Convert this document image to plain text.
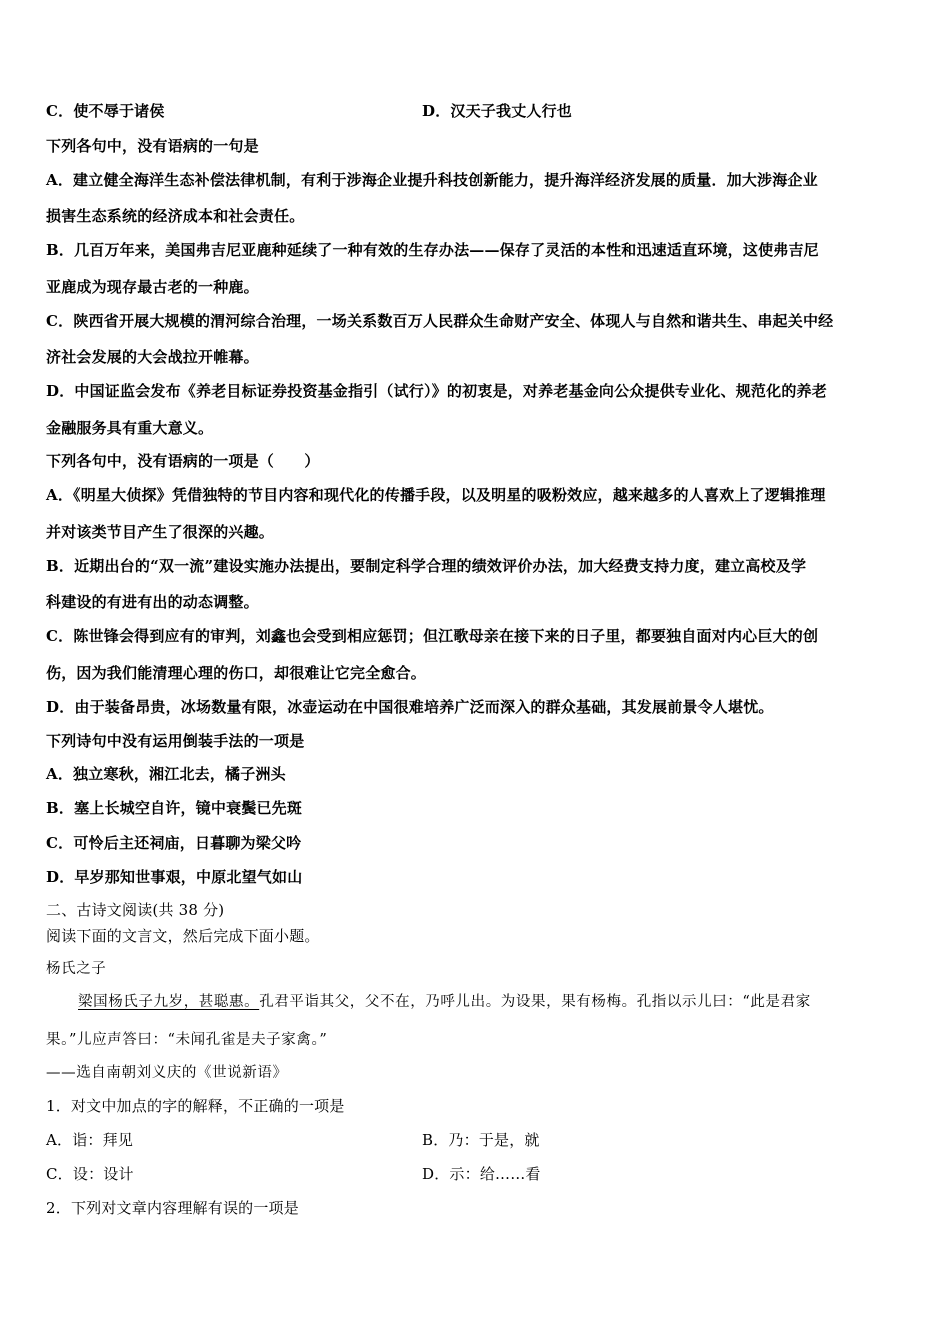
C．使不辱于诸侯	D．汉天子我丈人行也
下列各句中，没有语病的一句是
A．建立健全海洋生态补偿法律机制，有利于涉海企业提升科技创新能力，提升海洋经济发展的质量．加大涉海企业
损害生态系统的经济成本和社会责任。
B．几百万年来，美国弗吉尼亚鹿种延续了一种有效的生存办法——保存了灵活的本性和迅速适直环境，这使弗吉尼
亚鹿成为现存最古老的一种鹿。
C．陕西省开展大规模的渭河综合治理，一场关系数百万人民群众生命财产安全、体现人与自然和谐共生、串起关中经
济社会发展的大会战拉开帷幕。
D．中国证监会发布《养老目标证券投资基金指引（试行）》的初衷是，对养老基金向公众提供专业化、规范化的养老
金融服务具有重大意义。
下列各句中，没有语病的一项是（　　）
A．《明星大侦探》凭借独特的节目内容和现代化的传播手段，以及明星的吸粉效应，越来越多的人喜欢上了逻辑推理
并对该类节目产生了很深的兴趣。
B．近期出台的“双一流”建设实施办法提出，要制定科学合理的绩效评价办法，加大经费支持力度，建立高校及学
科建设的有进有出的动态调整。
C．陈世锋会得到应有的审判，刘鑫也会受到相应惩罚；但江歌母亲在接下来的日子里，都要独自面对内心巨大的创
伤，因为我们能清理心理的伤口，却很难让它完全愈合。
D．由于装备昂贵，冰场数量有限，冰壶运动在中国很难培养广泛而深入的群众基础，其发展前景令人堪忧。
下列诗句中没有运用倒装手法的一项是
A．独立寒秋，湘江北去，橘子洲头
B．塞上长城空自许，镜中衰鬓已先斑
C．可怜后主还祠庙，日暮聊为梁父吟
D．早岁那知世事艰，中原北望气如山
二、古诗文阅读(共 38 分)
阅读下面的文言文，然后完成下面小题。
杨氏之子
梁国杨氏子九岁，甚聪惠。孔君平诣其父，父不在，乃呼儿出。为设果，果有杨梅。孔指以示儿曰：“此是君家
果。”儿应声答曰：“未闻孔雀是夫子家禽。”
——选自南朝刘义庆的《世说新语》
1．对文中加点的字的解释，不正确的一项是
A．诣：拜见	B．乃：于是，就
C．设：设计	D．示：给……看
2．下列对文章内容理解有误的一项是
